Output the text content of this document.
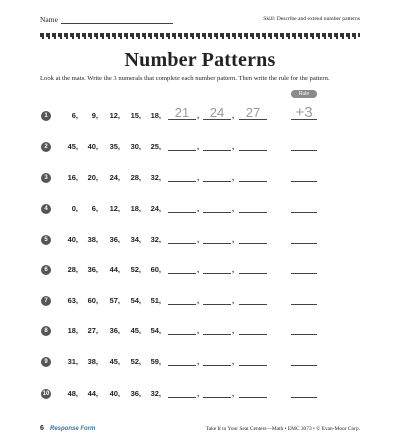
Name	Skill: Describe and extend number patterns
Number Patterns
Look at the mats. Write the 3 numerals that complete each number pattern. Then write the rule for the pattern.
Rule
1	6,	9,	12,	15,	18,	21	, 24	, 27	+3
2	45,	40,	35,	30,	25,	,	,
3	16,	20,	24,	28,	32,	,	,
4	0,	6,	12,	18,	24,	,	,
5	40,	38,	36,	34,	32,	,	,
6	28,	36,	44,	52,	60,	,	,
7	63,	60,	57,	54,	51,	,	,
8	18,	27,	36,	45,	54,	,	,
9	31,	38,	45,	52,	59,	,	,
10	48,	44,	40,	36,	32,	,	,
6 Response Form	Take It to Your Seat Centers—Math • EMC 3073 • © Evan-Moor Corp.
